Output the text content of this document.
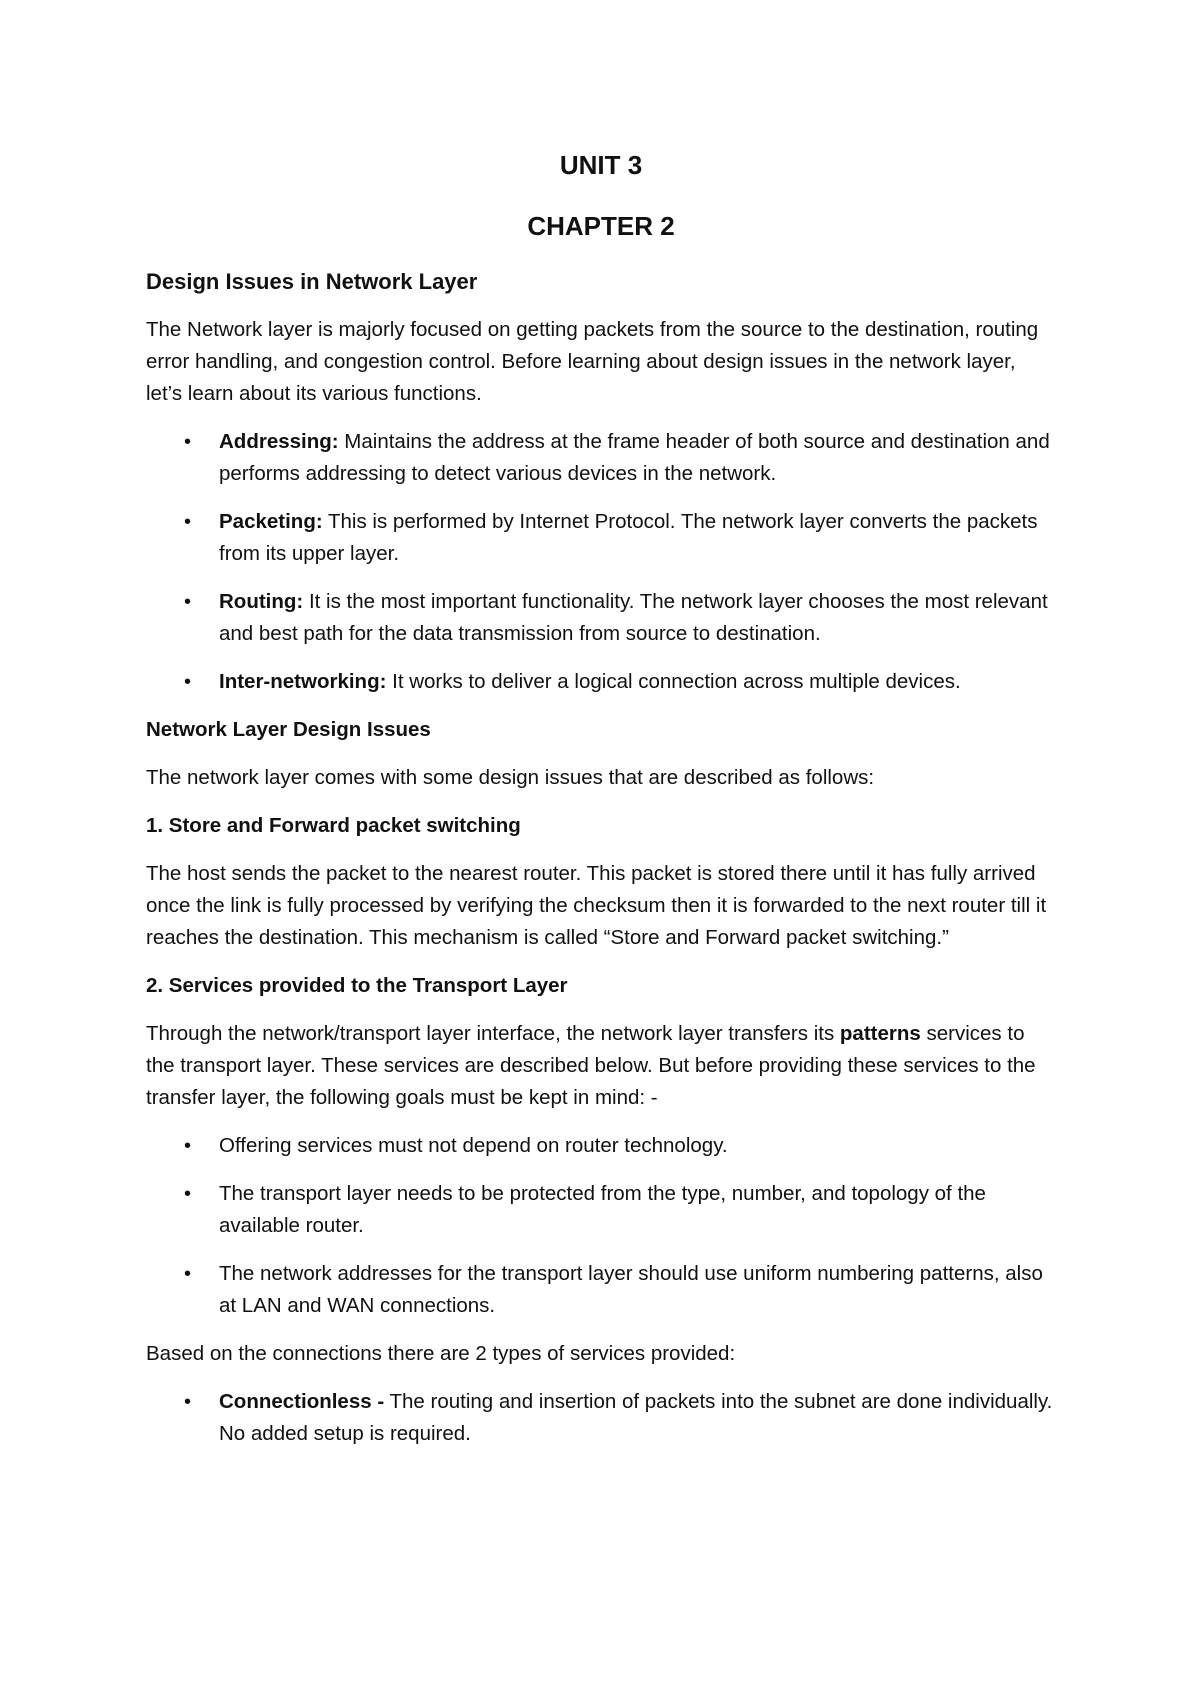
UNIT 3
CHAPTER 2

Design Issues in Network Layer

The Network layer is majorly focused on getting packets from the source to the destination, routing error handling, and congestion control. Before learning about design issues in the network layer, let’s learn about its various functions.

• Addressing: Maintains the address at the frame header of both source and destination and performs addressing to detect various devices in the network.
• Packeting: This is performed by Internet Protocol. The network layer converts the packets from its upper layer.
• Routing: It is the most important functionality. The network layer chooses the most relevant and best path for the data transmission from source to destination.
• Inter-networking: It works to deliver a logical connection across multiple devices.

Network Layer Design Issues

The network layer comes with some design issues that are described as follows:

1. Store and Forward packet switching

The host sends the packet to the nearest router. This packet is stored there until it has fully arrived once the link is fully processed by verifying the checksum then it is forwarded to the next router till it reaches the destination. This mechanism is called “Store and Forward packet switching.”

2. Services provided to the Transport Layer

Through the network/transport layer interface, the network layer transfers its patterns services to the transport layer. These services are described below. But before providing these services to the transfer layer, the following goals must be kept in mind: -

• Offering services must not depend on router technology.
• The transport layer needs to be protected from the type, number, and topology of the available router.
• The network addresses for the transport layer should use uniform numbering patterns, also at LAN and WAN connections.

Based on the connections there are 2 types of services provided:

• Connectionless - The routing and insertion of packets into the subnet are done individually. No added setup is required.
